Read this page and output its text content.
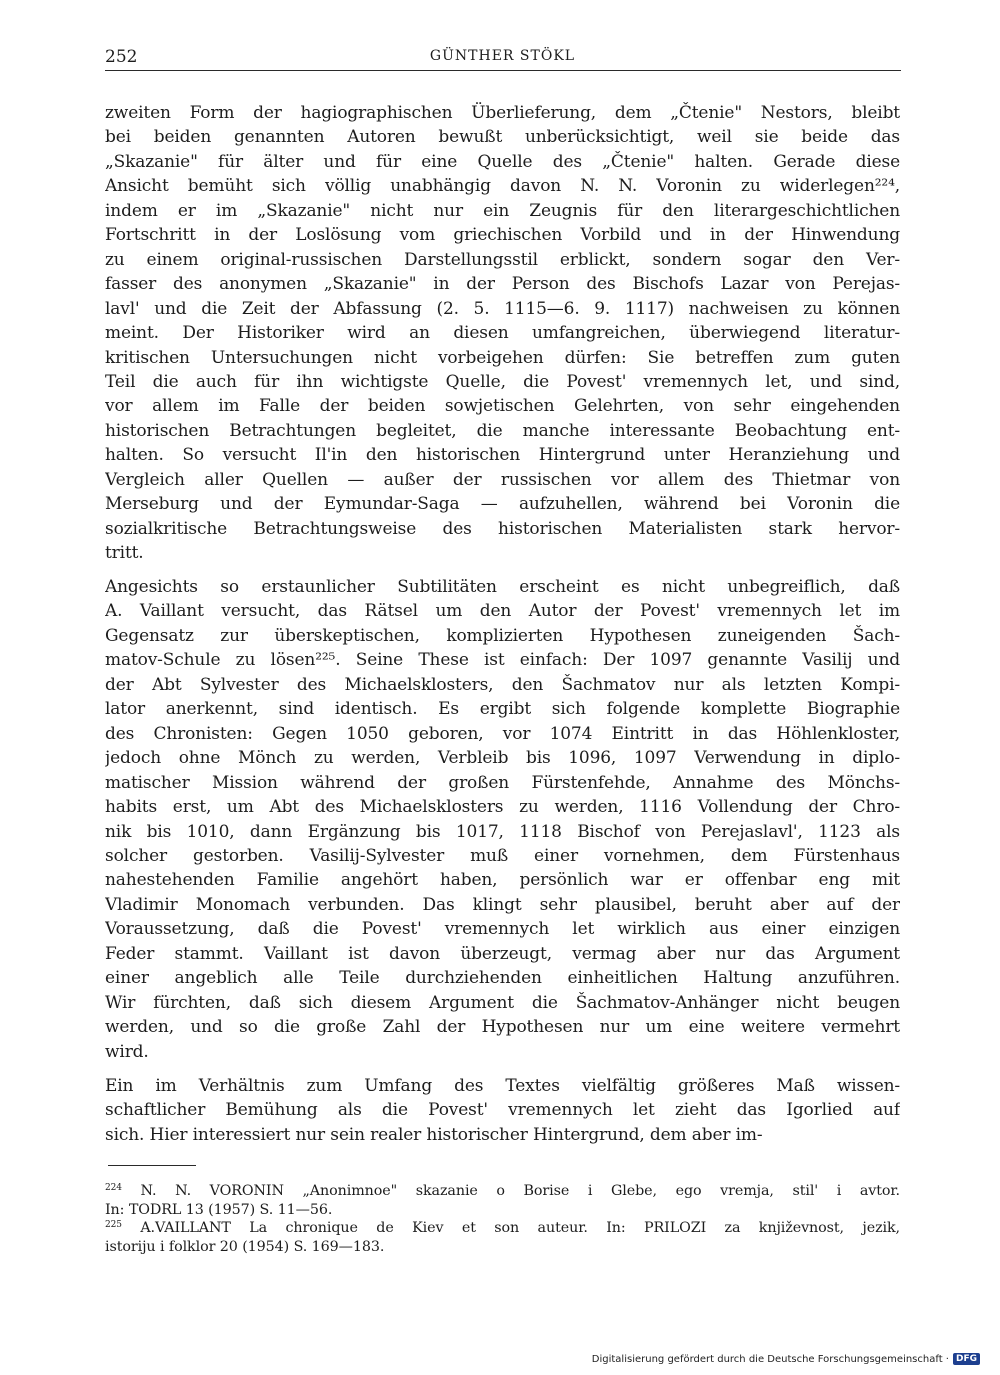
252	GÜNTHER STÖKL
zweiten Form der hagiographischen Überlieferung, dem „Čtenie" Nestors, bleibt
bei beiden genannten Autoren bewußt unberücksichtigt, weil sie beide das
„Skazanie" für älter und für eine Quelle des „Čtenie" halten. Gerade diese
Ansicht bemüht sich völlig unabhängig davon N. N. Voronin zu widerlegen²²⁴,
indem er im „Skazanie" nicht nur ein Zeugnis für den literargeschichtlichen
Fortschritt in der Loslösung vom griechischen Vorbild und in der Hinwendung
zu einem original-russischen Darstellungsstil erblickt, sondern sogar den Ver-
fasser des anonymen „Skazanie" in der Person des Bischofs Lazar von Perejas-
lavl' und die Zeit der Abfassung (2. 5. 1115—6. 9. 1117) nachweisen zu können
meint. Der Historiker wird an diesen umfangreichen, überwiegend literatur-
kritischen Untersuchungen nicht vorbeigehen dürfen: Sie betreffen zum guten
Teil die auch für ihn wichtigste Quelle, die Povest' vremennych let, und sind,
vor allem im Falle der beiden sowjetischen Gelehrten, von sehr eingehenden
historischen Betrachtungen begleitet, die manche interessante Beobachtung ent-
halten. So versucht Il'in den historischen Hintergrund unter Heranziehung und
Vergleich aller Quellen — außer der russischen vor allem des Thietmar von
Merseburg und der Eymundar-Saga — aufzuhellen, während bei Voronin die
sozialkritische Betrachtungsweise des historischen Materialisten stark hervor-
tritt.
Angesichts so erstaunlicher Subtilitäten erscheint es nicht unbegreiflich, daß
A. Vaillant versucht, das Rätsel um den Autor der Povest' vremennych let im
Gegensatz zur überskeptischen, komplizierten Hypothesen zuneigenden Šach-
matov-Schule zu lösen²²⁵. Seine These ist einfach: Der 1097 genannte Vasilij und
der Abt Sylvester des Michaelsklosters, den Šachmatov nur als letzten Kompi-
lator anerkennt, sind identisch. Es ergibt sich folgende komplette Biographie
des Chronisten: Gegen 1050 geboren, vor 1074 Eintritt in das Höhlenkloster,
jedoch ohne Mönch zu werden, Verbleib bis 1096, 1097 Verwendung in diplo-
matischer Mission während der großen Fürstenfehde, Annahme des Mönchs-
habits erst, um Abt des Michaelsklosters zu werden, 1116 Vollendung der Chro-
nik bis 1010, dann Ergänzung bis 1017, 1118 Bischof von Perejaslavl', 1123 als
solcher gestorben. Vasilij-Sylvester muß einer vornehmen, dem Fürstenhaus
nahestehenden Familie angehört haben, persönlich war er offenbar eng mit
Vladimir Monomach verbunden. Das klingt sehr plausibel, beruht aber auf der
Voraussetzung, daß die Povest' vremennych let wirklich aus einer einzigen
Feder stammt. Vaillant ist davon überzeugt, vermag aber nur das Argument
einer angeblich alle Teile durchziehenden einheitlichen Haltung anzuführen.
Wir fürchten, daß sich diesem Argument die Šachmatov-Anhänger nicht beugen
werden, und so die große Zahl der Hypothesen nur um eine weitere vermehrt
wird.
Ein im Verhältnis zum Umfang des Textes vielfältig größeres Maß wissen-
schaftlicher Bemühung als die Povest' vremennych let zieht das Igorlied auf
sich. Hier interessiert nur sein realer historischer Hintergrund, dem aber im-
$^{224}$ N. N. VORONIN „Anonimnoe" skazanie o Borise i Glebe, ego vremja, stil' i avtor.
In: TODRL 13 (1957) S. 11—56.
$^{225}$ A.VAILLANT La chronique de Kiev et son auteur. In: PRILOZI za književnost, jezik,
istoriju i folklor 20 (1954) S. 169—183.
Digitalisierung gefördert durch die Deutsche Forschungsgemeinschaft · DFG
